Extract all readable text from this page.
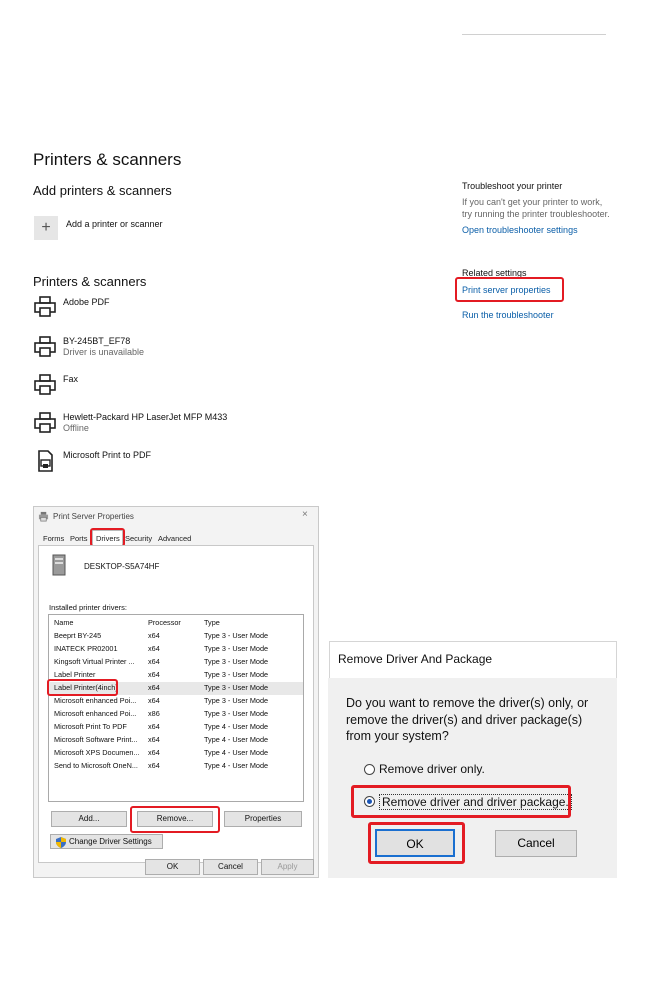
Printers & scanners
Add printers & scanners
+	Add a printer or scanner
Printers & scanners
Adobe PDF
BY-245BT_EF78
Driver is unavailable
Fax
Hewlett-Packard HP LaserJet MFP M433
Offline
Microsoft Print to PDF
Troubleshoot your printer
If you can't get your printer to work,
try running the printer troubleshooter.
Open troubleshooter settings
Related settings
Print server properties
Run the troubleshooter
Print Server Properties	×
Forms Ports Drivers Security Advanced
DESKTOP-S5A74HF
Installed printer drivers:
Name	Processor	Type
Beeprt BY-245	x64	Type 3 - User Mode
INATECK PR02001	x64	Type 3 - User Mode
Kingsoft Virtual Printer ... x64	Type 3 - User Mode
Label Printer	x64	Type 3 - User Mode
Label Printer(4inch)	x64	Type 3 - User Mode
Microsoft enhanced Poi... x64	Type 3 - User Mode
Microsoft enhanced Poi... x86	Type 3 - User Mode
Microsoft Print To PDF	x64	Type 4 - User Mode
Microsoft Software Print... x64	Type 4 - User Mode
Microsoft XPS Documen... x64	Type 4 - User Mode
Send to Microsoft OneN... x64	Type 4 - User Mode
Add...	Remove...	Properties
Change Driver Settings
OK	Cancel	Apply
Remove Driver And Package
Do you want to remove the driver(s) only, or remove the driver(s) and driver package(s) from your system?
Remove driver only.
Remove driver and driver package.
OK	Cancel
